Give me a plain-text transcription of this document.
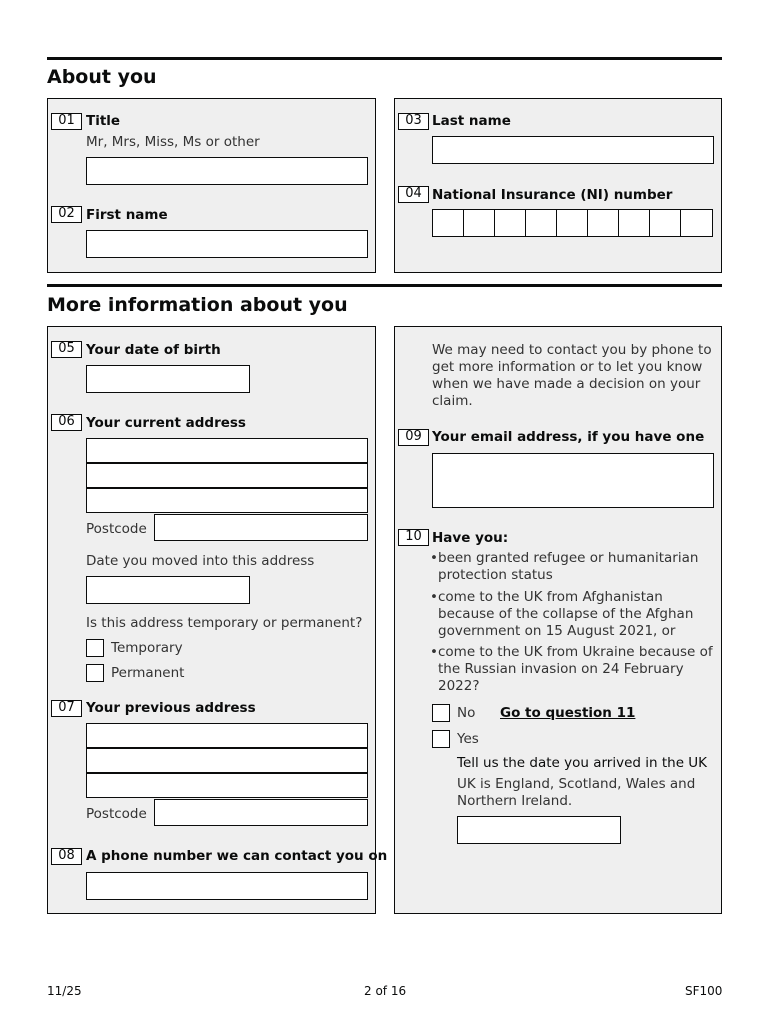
About you
01 Title
Mr, Mrs, Miss, Ms or other
02 First name
03 Last name
04 National Insurance (NI) number
More information about you
05 Your date of birth
06 Your current address
Postcode
Date you moved into this address
Is this address temporary or permanent?
Temporary
Permanent
07 Your previous address
Postcode
08 A phone number we can contact you on
We may need to contact you by phone to get more information or to let you know when we have made a decision on your claim.
09 Your email address, if you have one
10 Have you:
• been granted refugee or humanitarian protection status
• come to the UK from Afghanistan because of the collapse of the Afghan government on 15 August 2021, or
• come to the UK from Ukraine because of the Russian invasion on 24 February 2022?
No Go to question 11
Yes
Tell us the date you arrived in the UK
UK is England, Scotland, Wales and Northern Ireland.
11/25	2 of 16	SF100
